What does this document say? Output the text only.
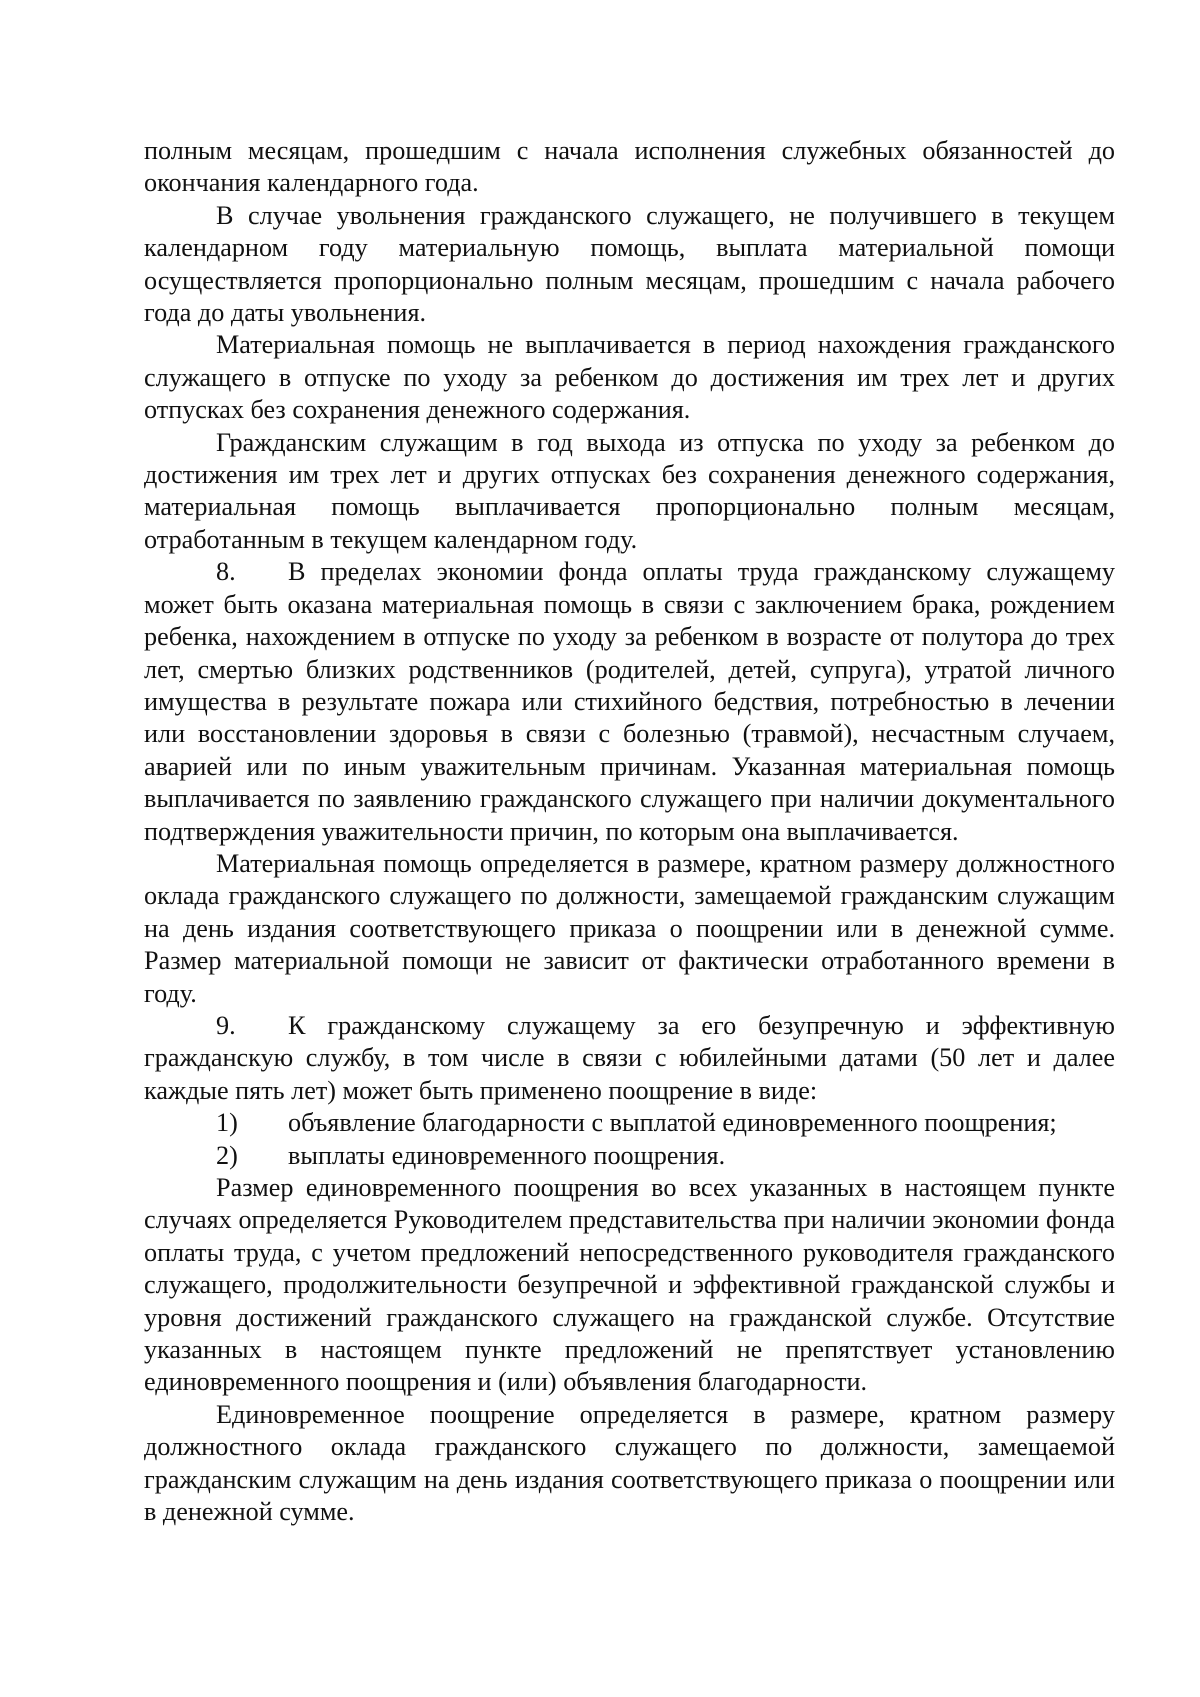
полным месяцам, прошедшим с начала исполнения служебных обязанностей до окончания календарного года.

В случае увольнения гражданского служащего, не получившего в текущем календарном году материальную помощь, выплата материальной помощи осуществляется пропорционально полным месяцам, прошедшим с начала рабочего года до даты увольнения.

Материальная помощь не выплачивается в период нахождения гражданского служащего в отпуске по уходу за ребенком до достижения им трех лет и других отпусках без сохранения денежного содержания.

Гражданским служащим в год выхода из отпуска по уходу за ребенком до достижения им трех лет и других отпусках без сохранения денежного содержания, материальная помощь выплачивается пропорционально полным месяцам, отработанным в текущем календарном году.

8. В пределах экономии фонда оплаты труда гражданскому служащему может быть оказана материальная помощь в связи с заключением брака, рождением ребенка, нахождением в отпуске по уходу за ребенком в возрасте от полутора до трех лет, смертью близких родственников (родителей, детей, супруга), утратой личного имущества в результате пожара или стихийного бедствия, потребностью в лечении или восстановлении здоровья в связи с болезнью (травмой), несчастным случаем, аварией или по иным уважительным причинам. Указанная материальная помощь выплачивается по заявлению гражданского служащего при наличии документального подтверждения уважительности причин, по которым она выплачивается.

Материальная помощь определяется в размере, кратном размеру должностного оклада гражданского служащего по должности, замещаемой гражданским служащим на день издания соответствующего приказа о поощрении или в денежной сумме. Размер материальной помощи не зависит от фактически отработанного времени в году.

9. К гражданскому служащему за его безупречную и эффективную гражданскую службу, в том числе в связи с юбилейными датами (50 лет и далее каждые пять лет) может быть применено поощрение в виде:

1) объявление благодарности с выплатой единовременного поощрения;

2) выплаты единовременного поощрения.

Размер единовременного поощрения во всех указанных в настоящем пункте случаях определяется Руководителем представительства при наличии экономии фонда оплаты труда, с учетом предложений непосредственного руководителя гражданского служащего, продолжительности безупречной и эффективной гражданской службы и уровня достижений гражданского служащего на гражданской службе. Отсутствие указанных в настоящем пункте предложений не препятствует установлению единовременного поощрения и (или) объявления благодарности.

Единовременное поощрение определяется в размере, кратном размеру должностного оклада гражданского служащего по должности, замещаемой гражданским служащим на день издания соответствующего приказа о поощрении или в денежной сумме.
